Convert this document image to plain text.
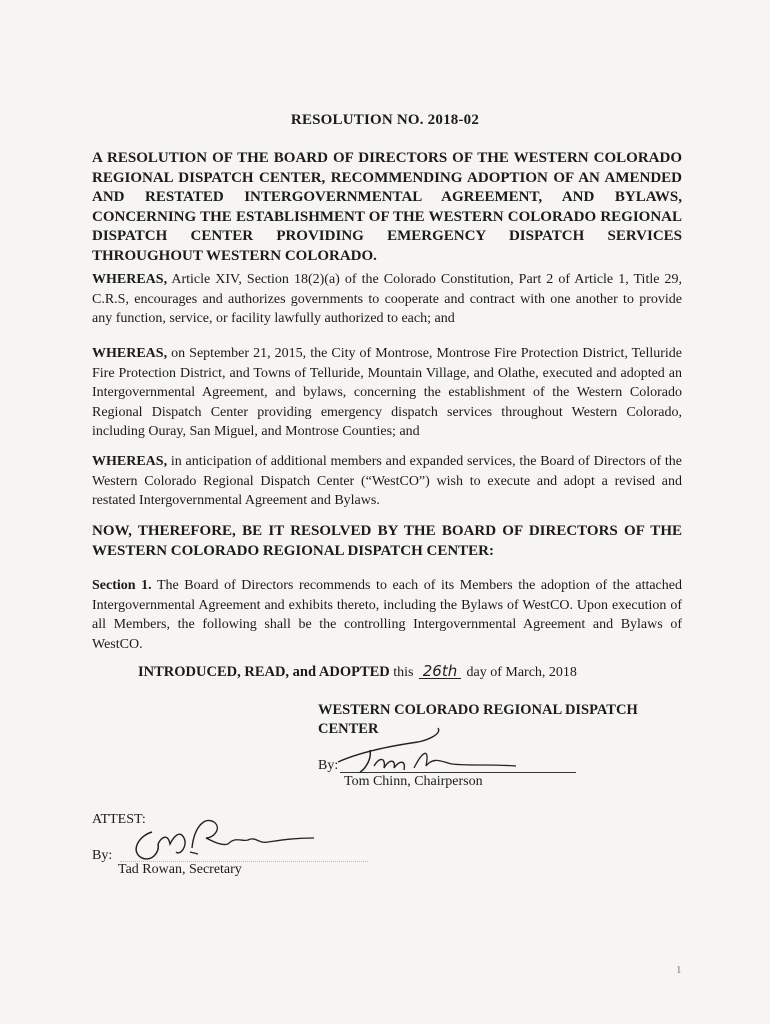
RESOLUTION NO. 2018-02
A RESOLUTION OF THE BOARD OF DIRECTORS OF THE WESTERN COLORADO REGIONAL DISPATCH CENTER, RECOMMENDING ADOPTION OF AN AMENDED AND RESTATED INTERGOVERNMENTAL AGREEMENT, AND BYLAWS, CONCERNING THE ESTABLISHMENT OF THE WESTERN COLORADO REGIONAL DISPATCH CENTER PROVIDING EMERGENCY DISPATCH SERVICES THROUGHOUT WESTERN COLORADO.
WHEREAS, Article XIV, Section 18(2)(a) of the Colorado Constitution, Part 2 of Article 1, Title 29, C.R.S, encourages and authorizes governments to cooperate and contract with one another to provide any function, service, or facility lawfully authorized to each; and
WHEREAS, on September 21, 2015, the City of Montrose, Montrose Fire Protection District, Telluride Fire Protection District, and Towns of Telluride, Mountain Village, and Olathe, executed and adopted an Intergovernmental Agreement, and bylaws, concerning the establishment of the Western Colorado Regional Dispatch Center providing emergency dispatch services throughout Western Colorado, including Ouray, San Miguel, and Montrose Counties; and
WHEREAS, in anticipation of additional members and expanded services, the Board of Directors of the Western Colorado Regional Dispatch Center (“WestCO”) wish to execute and adopt a revised and restated Intergovernmental Agreement and Bylaws.
NOW, THEREFORE, BE IT RESOLVED BY THE BOARD OF DIRECTORS OF THE WESTERN COLORADO REGIONAL DISPATCH CENTER:
Section 1. The Board of Directors recommends to each of its Members the adoption of the attached Intergovernmental Agreement and exhibits thereto, including the Bylaws of WestCO. Upon execution of all Members, the following shall be the controlling Intergovernmental Agreement and Bylaws of WestCO.
INTRODUCED, READ, and ADOPTED this 26th day of March, 2018
WESTERN COLORADO REGIONAL DISPATCH CENTER
By:
Tom Chinn, Chairperson
ATTEST:
By:
Tad Rowan, Secretary
1
